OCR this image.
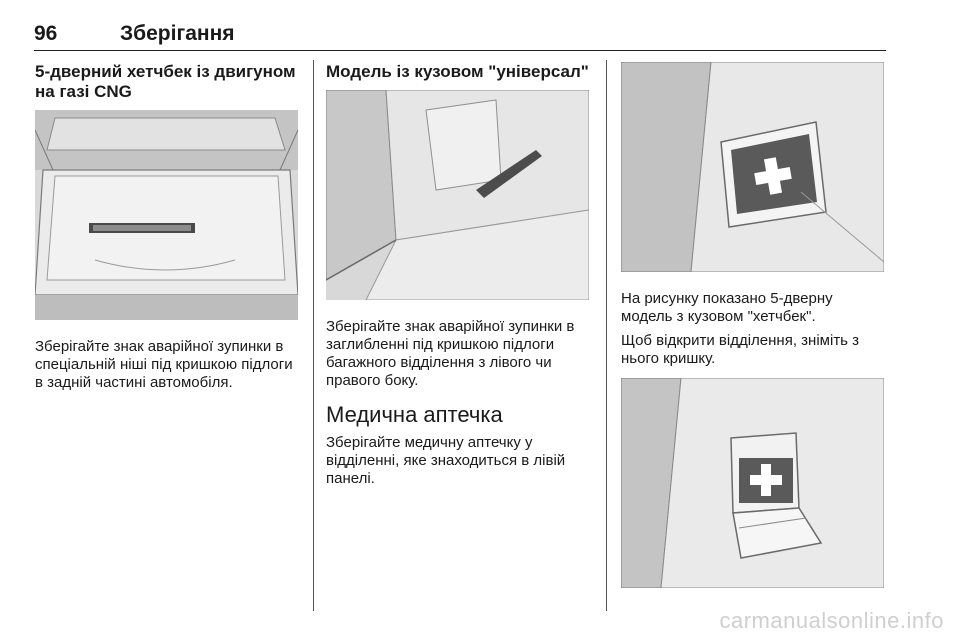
96	Зберігання
5-дверний хетчбек із двигуном на газі CNG

Зберігайте знак аварійної зупинки в спеціальній ніші під кришкою підлоги в задній частині автомобіля.

Модель із кузовом "універсал"

Зберігайте знак аварійної зупинки в заглибленні під кришкою підлоги багажного відділення з лівого чи правого боку.

Медична аптечка

Зберігайте медичну аптечку у відділенні, яке знаходиться в лівій панелі.

На рисунку показано 5-дверну модель з кузовом "хетчбек".

Щоб відкрити відділення, зніміть з нього кришку.

carmanualsonline.info
